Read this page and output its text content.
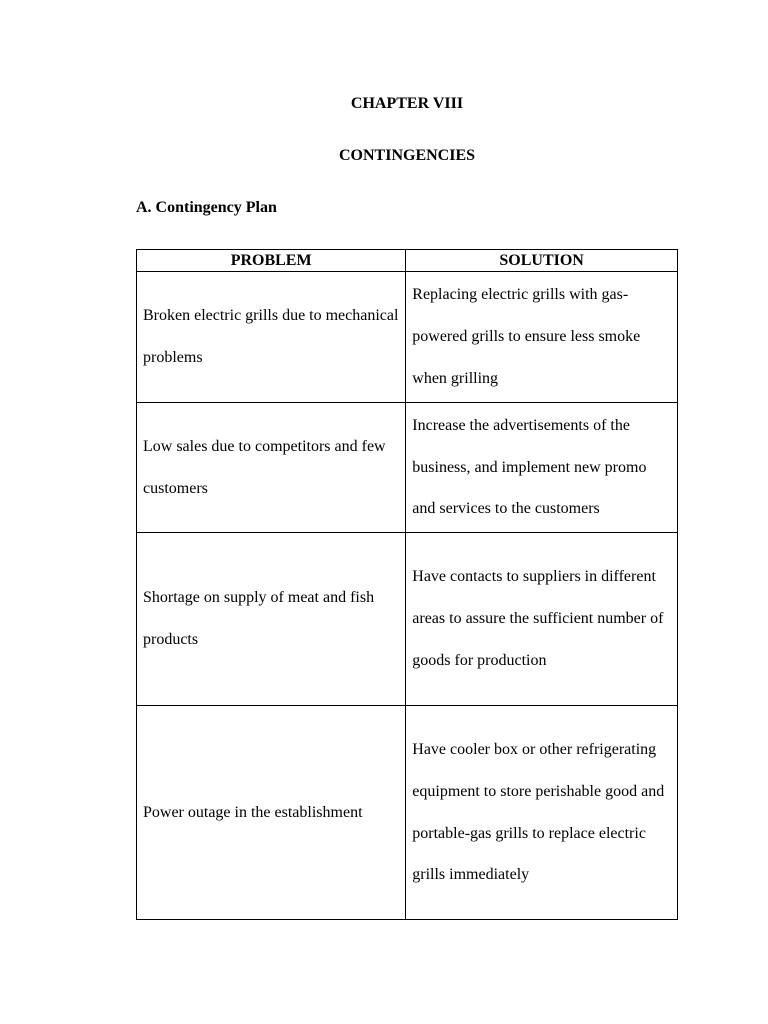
CHAPTER VIII
CONTINGENCIES
A. Contingency Plan
PROBLEM	SOLUTION

Broken electric grills due to mechanical problems	Replacing electric grills with gas-powered grills to ensure less smoke when grilling

Low sales due to competitors and few customers	Increase the advertisements of the business, and implement new promo and services to the customers

Shortage on supply of meat and fish products	Have contacts to suppliers in different areas to assure the sufficient number of goods for production

Power outage in the establishment	Have cooler box or other refrigerating equipment to store perishable good and portable-gas grills to replace electric grills immediately
